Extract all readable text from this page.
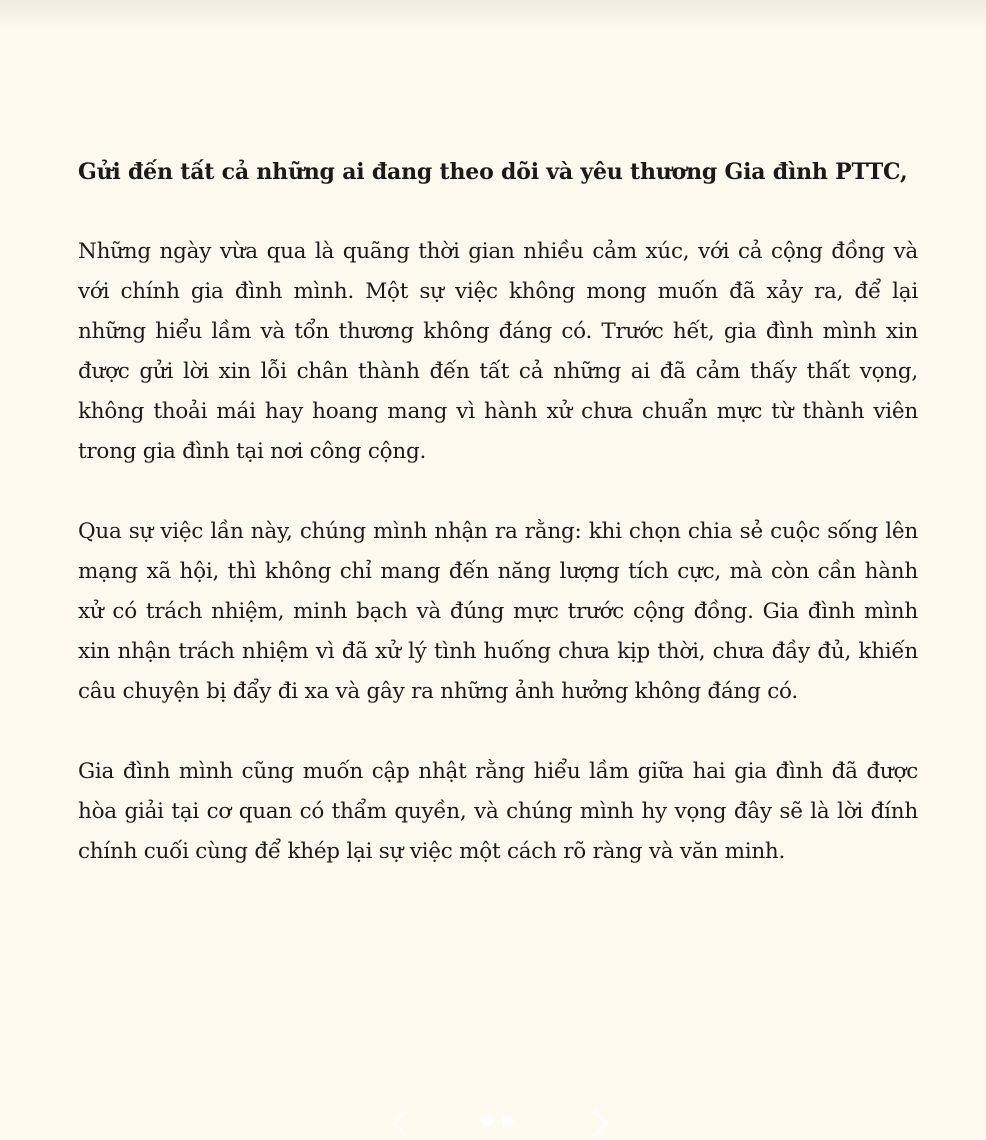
Gửi đến tất cả những ai đang theo dõi và yêu thương Gia đình PTTC,

Những ngày vừa qua là quãng thời gian nhiều cảm xúc, với cả cộng đồng và với chính gia đình mình. Một sự việc không mong muốn đã xảy ra, để lại những hiểu lầm và tổn thương không đáng có. Trước hết, gia đình mình xin được gửi lời xin lỗi chân thành đến tất cả những ai đã cảm thấy thất vọng, không thoải mái hay hoang mang vì hành xử chưa chuẩn mực từ thành viên trong gia đình tại nơi công cộng.

Qua sự việc lần này, chúng mình nhận ra rằng: khi chọn chia sẻ cuộc sống lên mạng xã hội, thì không chỉ mang đến năng lượng tích cực, mà còn cần hành xử có trách nhiệm, minh bạch và đúng mực trước cộng đồng. Gia đình mình xin nhận trách nhiệm vì đã xử lý tình huống chưa kịp thời, chưa đầy đủ, khiến câu chuyện bị đẩy đi xa và gây ra những ảnh hưởng không đáng có.

Gia đình mình cũng muốn cập nhật rằng hiểu lầm giữa hai gia đình đã được hòa giải tại cơ quan có thẩm quyền, và chúng mình hy vọng đây sẽ là lời đính chính cuối cùng để khép lại sự việc một cách rõ ràng và văn minh.
